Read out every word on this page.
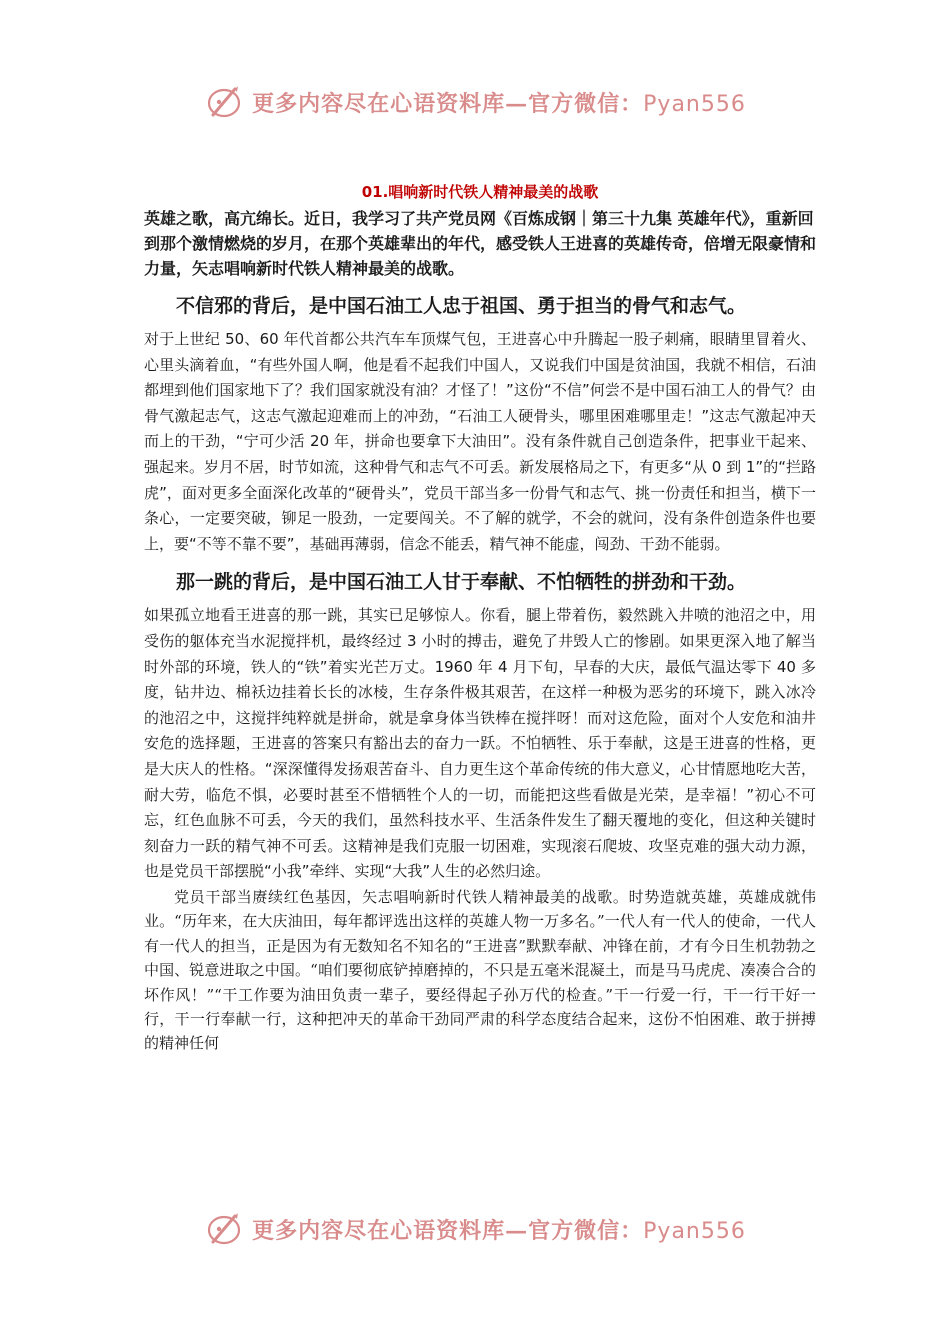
更多内容尽在心语资料库—官方微信：Pyan556
01.唱响新时代铁人精神最美的战歌

英雄之歌，高亢绵长。近日，我学习了共产党员网《百炼成钢｜第三十九集 英雄年代》，重新回到那个激情燃烧的岁月，在那个英雄辈出的年代，感受铁人王进喜的英雄传奇，倍增无限豪情和力量，矢志唱响新时代铁人精神最美的战歌。

不信邪的背后，是中国石油工人忠于祖国、勇于担当的骨气和志气。

对于上世纪 50、60 年代首都公共汽车车顶煤气包，王进喜心中升腾起一股子刺痛，眼睛里冒着火、心里头滴着血，“有些外国人啊，他是看不起我们中国人，又说我们中国是贫油国，我就不相信，石油都埋到他们国家地下了？我们国家就没有油？才怪了！”这份“不信”何尝不是中国石油工人的骨气？由骨气激起志气，这志气激起迎难而上的冲劲，“石油工人硬骨头，哪里困难哪里走！”这志气激起冲天而上的干劲，“宁可少活 20 年，拼命也要拿下大油田”。没有条件就自己创造条件，把事业干起来、强起来。岁月不居，时节如流，这种骨气和志气不可丢。新发展格局之下，有更多“从 0 到 1”的“拦路虎”，面对更多全面深化改革的“硬骨头”，党员干部当多一份骨气和志气、挑一份责任和担当，横下一条心，一定要突破，铆足一股劲，一定要闯关。不了解的就学，不会的就问，没有条件创造条件也要上，要“不等不靠不要”，基础再薄弱，信念不能丢，精气神不能虚，闯劲、干劲不能弱。

那一跳的背后，是中国石油工人甘于奉献、不怕牺牲的拼劲和干劲。

如果孤立地看王进喜的那一跳，其实已足够惊人。你看，腿上带着伤，毅然跳入井喷的池沼之中，用受伤的躯体充当水泥搅拌机，最终经过 3 小时的搏击，避免了井毁人亡的惨剧。如果更深入地了解当时外部的环境，铁人的“铁”着实光芒万丈。1960 年 4 月下旬，早春的大庆，最低气温达零下 40 多度，钻井边、棉袄边挂着长长的冰棱，生存条件极其艰苦，在这样一种极为恶劣的环境下，跳入冰冷的池沼之中，这搅拌纯粹就是拼命，就是拿身体当铁棒在搅拌呀！而对这危险，面对个人安危和油井安危的选择题，王进喜的答案只有豁出去的奋力一跃。不怕牺牲、乐于奉献，这是王进喜的性格，更是大庆人的性格。“深深懂得发扬艰苦奋斗、自力更生这个革命传统的伟大意义，心甘情愿地吃大苦，耐大劳，临危不惧，必要时甚至不惜牺牲个人的一切，而能把这些看做是光荣，是幸福！”初心不可忘，红色血脉不可丢，今天的我们，虽然科技水平、生活条件发生了翻天覆地的变化，但这种关键时刻奋力一跃的精气神不可丢。这精神是我们克服一切困难，实现滚石爬坡、攻坚克难的强大动力源，也是党员干部摆脱“小我”牵绊、实现“大我”人生的必然归途。

党员干部当赓续红色基因，矢志唱响新时代铁人精神最美的战歌。时势造就英雄，英雄成就伟业。“历年来，在大庆油田，每年都评选出这样的英雄人物一万多名。”一代人有一代人的使命，一代人有一代人的担当，正是因为有无数知名不知名的“王进喜”默默奉献、冲锋在前，才有今日生机勃勃之中国、锐意进取之中国。“咱们要彻底铲掉磨掉的，不只是五毫米混凝土，而是马马虎虎、凑凑合合的坏作风！”“干工作要为油田负责一辈子，要经得起子孙万代的检查。”干一行爱一行，干一行干好一行，干一行奉献一行，这种把冲天的革命干劲同严肃的科学态度结合起来，这份不怕困难、敢于拼搏的精神任何

更多内容尽在心语资料库—官方微信：Pyan556
